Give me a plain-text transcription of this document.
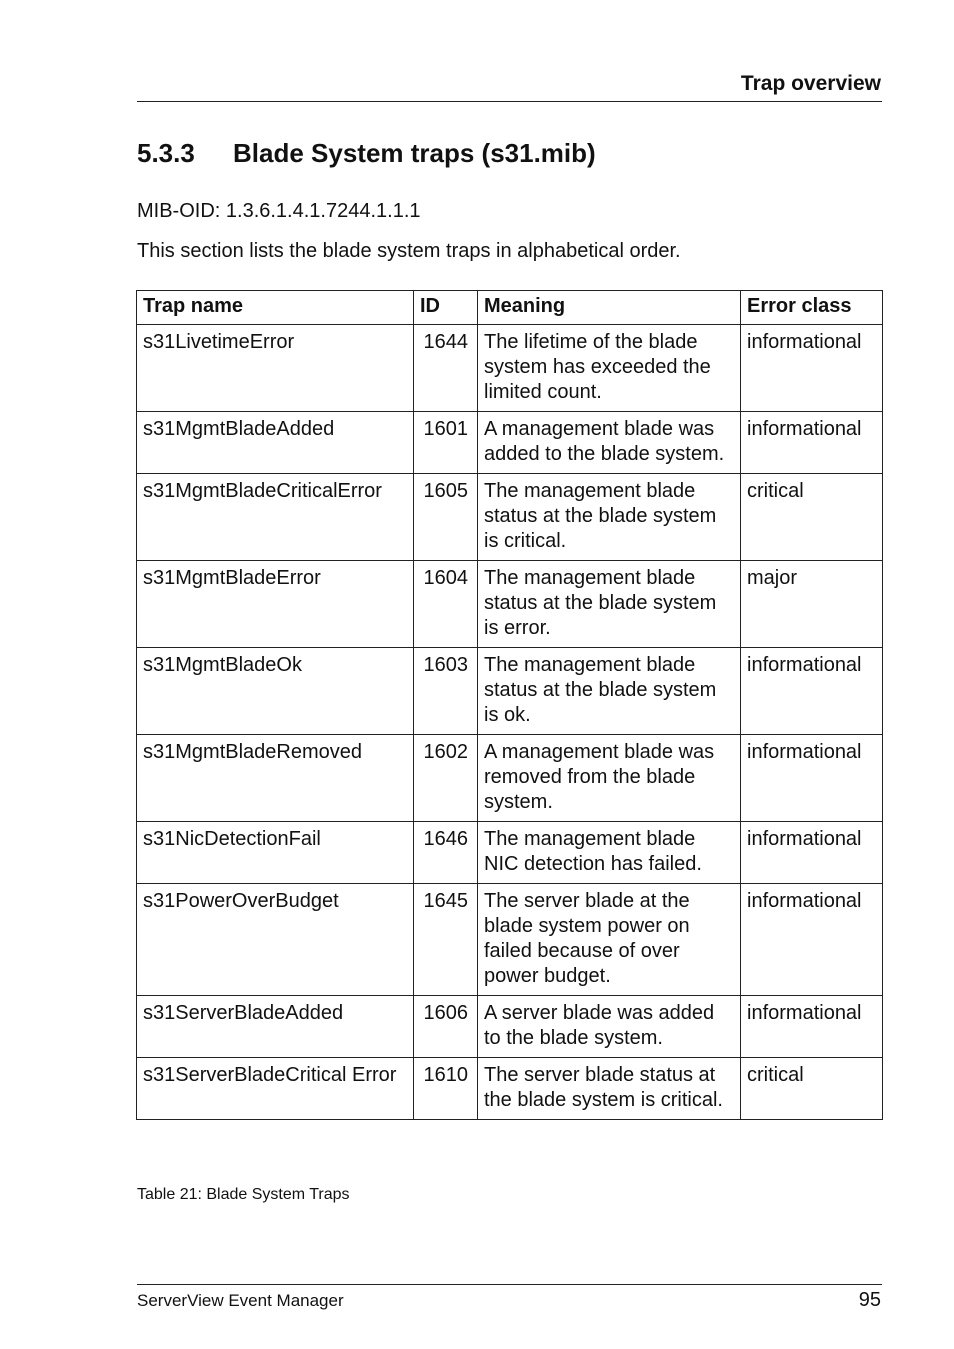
Trap overview
5.3.3	Blade System traps (s31.mib)
MIB-OID: 1.3.6.1.4.1.7244.1.1.1
This section lists the blade system traps in alphabetical order.
Trap name	ID	Meaning	Error class
s31LivetimeError	1644	The lifetime of the blade system has exceeded the limited count.	informational
s31MgmtBladeAdded	1601	A management blade was added to the blade system.	informational
s31MgmtBladeCriticalError	1605	The management blade status at the blade system is critical.	critical
s31MgmtBladeError	1604	The management blade status at the blade system is error.	major
s31MgmtBladeOk	1603	The management blade status at the blade system is ok.	informational
s31MgmtBladeRemoved	1602	A management blade was removed from the blade system.	informational
s31NicDetectionFail	1646	The management blade NIC detection has failed.	informational
s31PowerOverBudget	1645	The server blade at the blade system power on failed because of over power budget.	informational
s31ServerBladeAdded	1606	A server blade was added to the blade system.	informational
s31ServerBladeCritical Error	1610	The server blade status at the blade system is critical.	critical
Table 21: Blade System Traps
ServerView Event Manager	95
